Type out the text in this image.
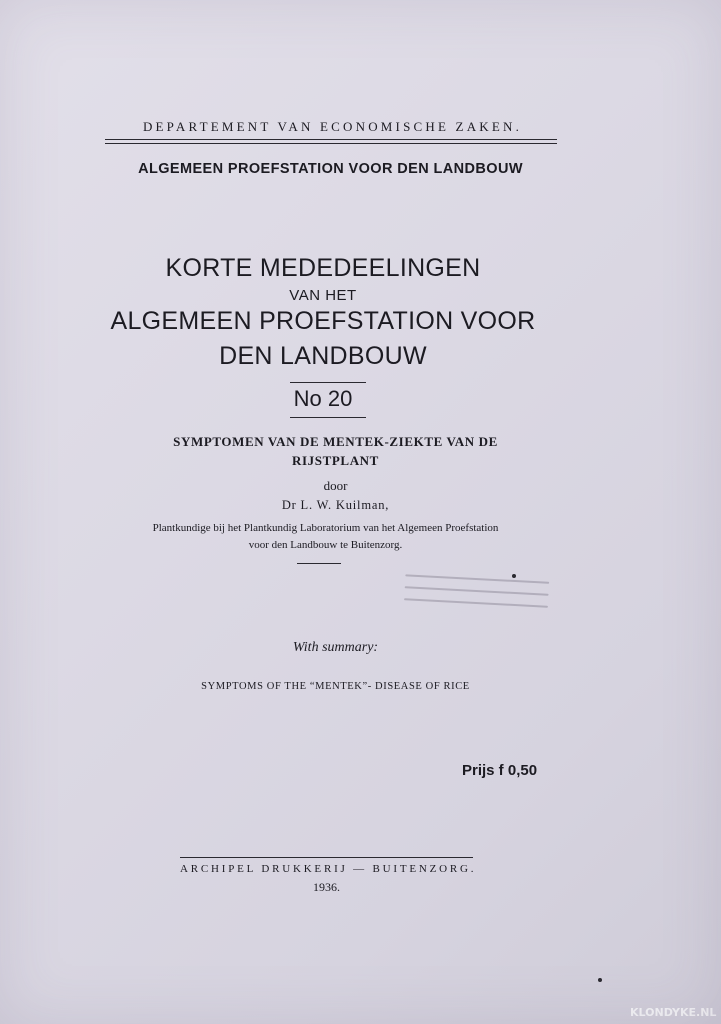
DEPARTEMENT VAN ECONOMISCHE ZAKEN.
ALGEMEEN PROEFSTATION VOOR DEN LANDBOUW
KORTE MEDEDEELINGEN
VAN HET
ALGEMEEN PROEFSTATION VOOR
DEN LANDBOUW
No 20
SYMPTOMEN VAN DE MENTEK-ZIEKTE VAN DE
RIJSTPLANT
door
Dr L. W. Kuilman,
Plantkundige bij het Plantkundig Laboratorium van het Algemeen Proefstation
voor den Landbouw te Buitenzorg.
With summary:
SYMPTOMS OF THE “MENTEK”- DISEASE OF RICE
Prijs f 0,50
ARCHIPEL DRUKKERIJ — BUITENZORG.
1936.
KLONDYKE.NL
